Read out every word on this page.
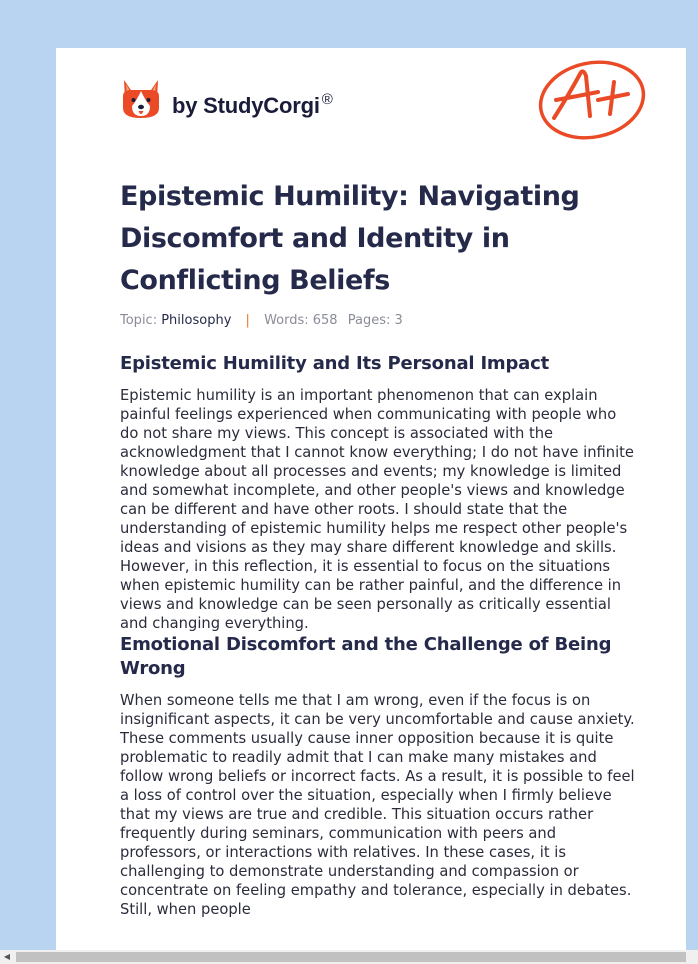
by StudyCorgi ®
Epistemic Humility: Navigating Discomfort and Identity in Conflicting Beliefs
Topic: Philosophy | Words: 658 Pages: 3
Epistemic Humility and Its Personal Impact

Epistemic humility is an important phenomenon that can explain painful feelings experienced when communicating with people who do not share my views. This concept is associated with the acknowledgment that I cannot know everything; I do not have infinite knowledge about all processes and events; my knowledge is limited and somewhat incomplete, and other people's views and knowledge can be different and have other roots. I should state that the understanding of epistemic humility helps me respect other people's ideas and visions as they may share different knowledge and skills. However, in this reflection, it is essential to focus on the situations when epistemic humility can be rather painful, and the difference in views and knowledge can be seen personally as critically essential and changing everything.

Emotional Discomfort and the Challenge of Being Wrong

When someone tells me that I am wrong, even if the focus is on insignificant aspects, it can be very uncomfortable and cause anxiety. These comments usually cause inner opposition because it is quite problematic to readily admit that I can make many mistakes and follow wrong beliefs or incorrect facts. As a result, it is possible to feel a loss of control over the situation, especially when I firmly believe that my views are true and credible. This situation occurs rather frequently during seminars, communication with peers and professors, or interactions with relatives. In these cases, it is challenging to demonstrate understanding and compassion or concentrate on feeling empathy and tolerance, especially in debates. Still, when people

◀
